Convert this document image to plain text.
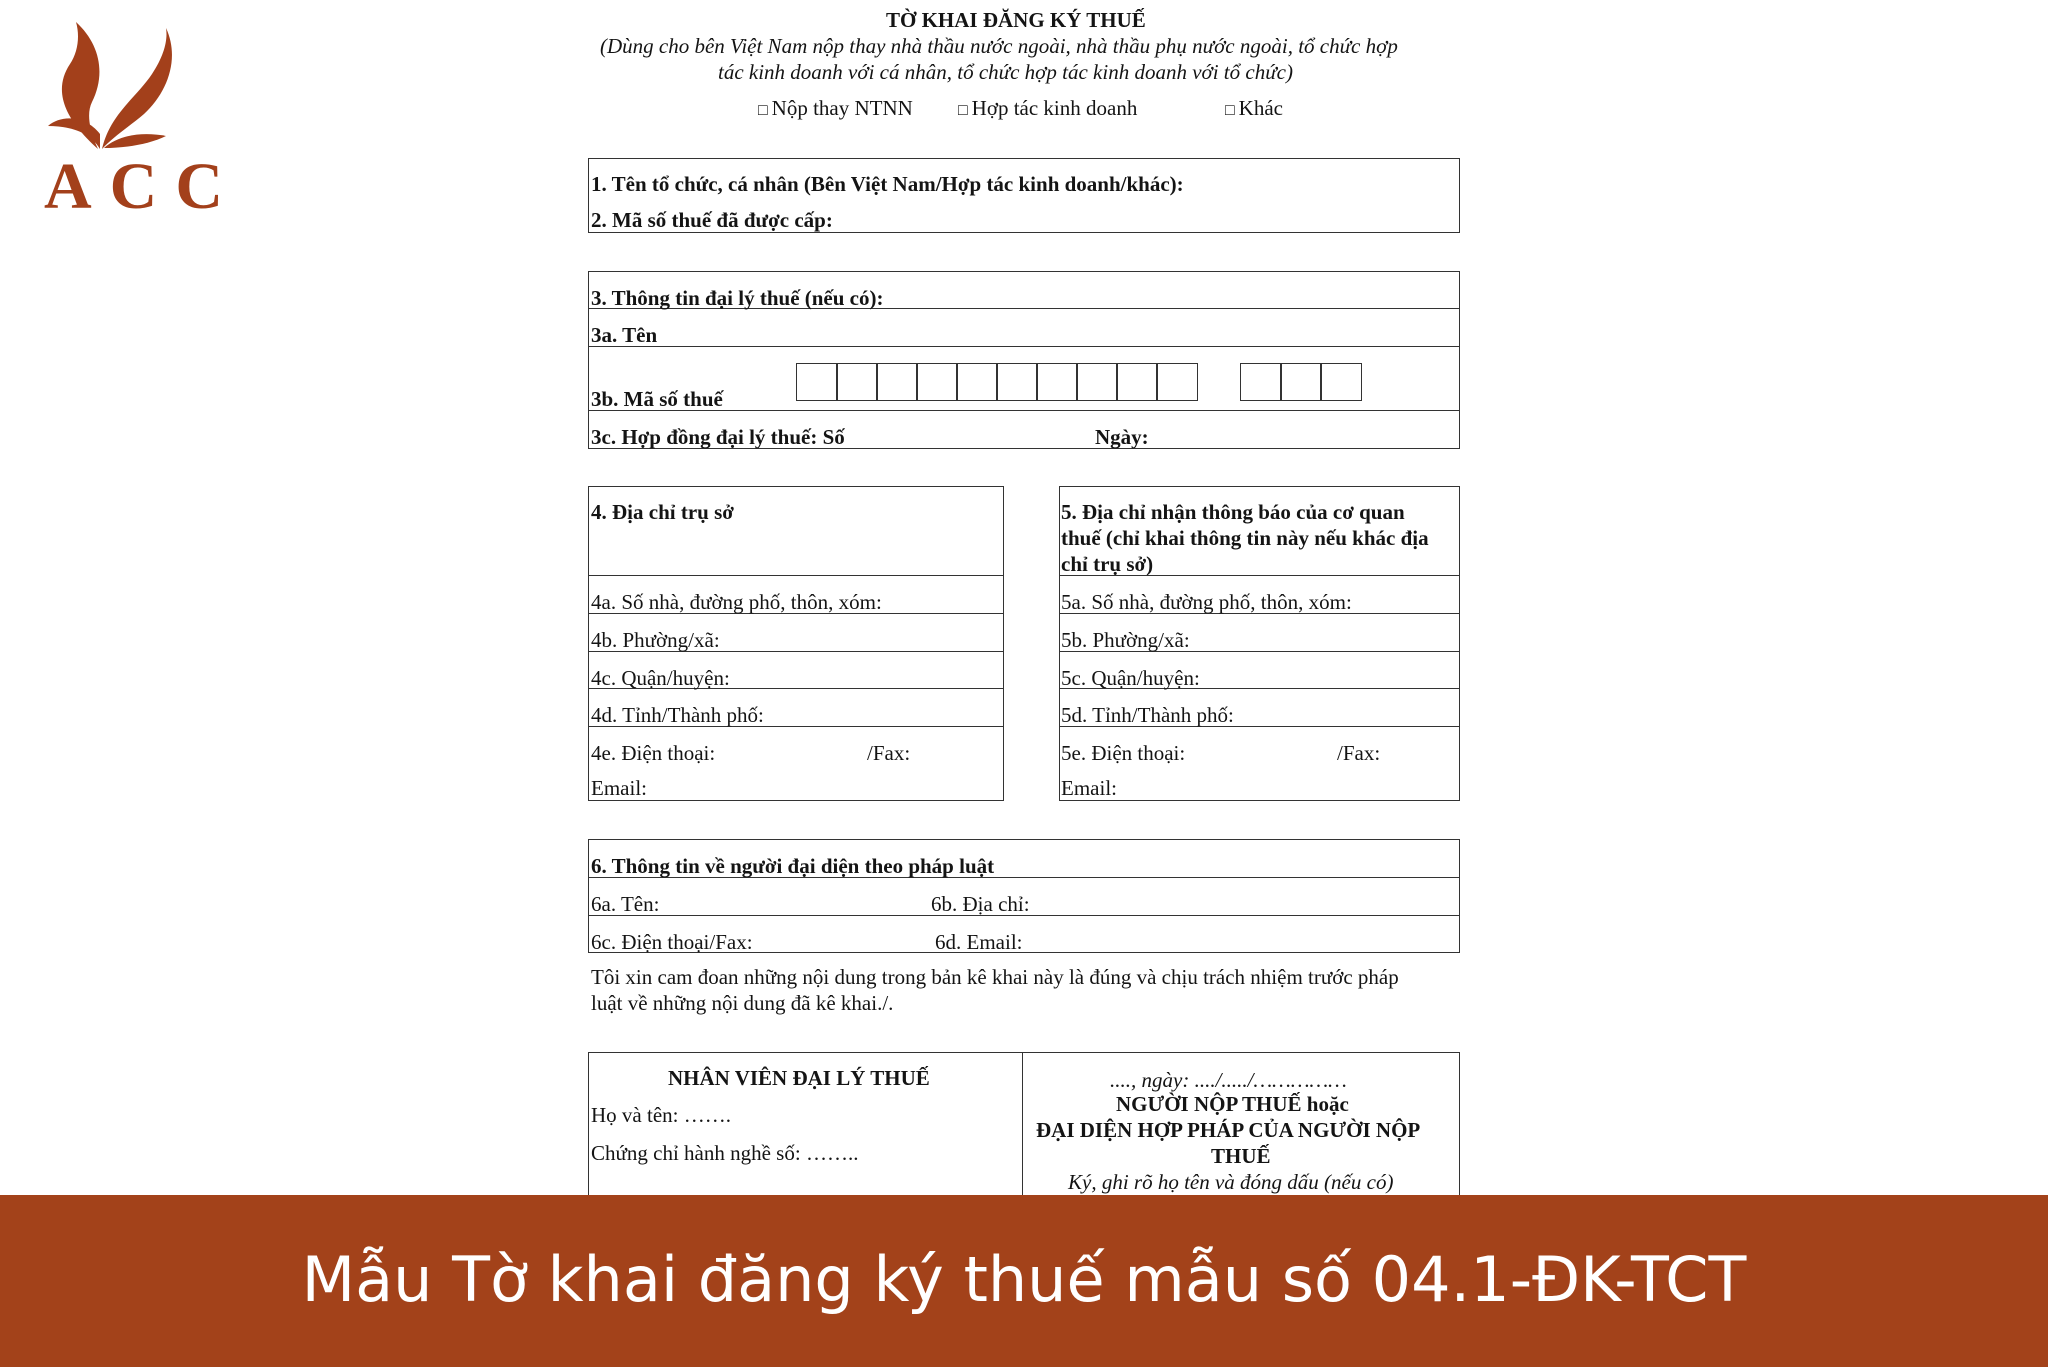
ACC
TỜ KHAI ĐĂNG KÝ THUẾ
(Dùng cho bên Việt Nam nộp thay nhà thầu nước ngoài, nhà thầu phụ nước ngoài, tổ chức hợp
tác kinh doanh với cá nhân, tổ chức hợp tác kinh doanh với tổ chức)
□ Nộp thay NTNN	□ Hợp tác kinh doanh	□ Khác
1. Tên tổ chức, cá nhân (Bên Việt Nam/Hợp tác kinh doanh/khác):
2. Mã số thuế đã được cấp:
3. Thông tin đại lý thuế (nếu có):
3a. Tên
3b. Mã số thuế
3c. Hợp đồng đại lý thuế: Số	Ngày:
4. Địa chỉ trụ sở
4a. Số nhà, đường phố, thôn, xóm:
4b. Phường/xã:
4c. Quận/huyện:
4d. Tỉnh/Thành phố:
4e. Điện thoại:	/Fax:
Email:
5. Địa chỉ nhận thông báo của cơ quan
thuế (chỉ khai thông tin này nếu khác địa
chỉ trụ sở)
5a. Số nhà, đường phố, thôn, xóm:
5b. Phường/xã:
5c. Quận/huyện:
5d. Tỉnh/Thành phố:
5e. Điện thoại:	/Fax:
Email:
6. Thông tin về người đại diện theo pháp luật
6a. Tên:	6b. Địa chỉ:
6c. Điện thoại/Fax:	6d. Email:
Tôi xin cam đoan những nội dung trong bản kê khai này là đúng và chịu trách nhiệm trước pháp
luật về những nội dung đã kê khai./.
NHÂN VIÊN ĐẠI LÝ THUẾ
Họ và tên: …….
Chứng chỉ hành nghề số: ……..
...., ngày: ..../...../……………
NGƯỜI NỘP THUẾ hoặc
ĐẠI DIỆN HỢP PHÁP CỦA NGƯỜI NỘP
THUẾ
Ký, ghi rõ họ tên và đóng dấu (nếu có)
Mẫu Tờ khai đăng ký thuế mẫu số 04.1-ĐK-TCT
